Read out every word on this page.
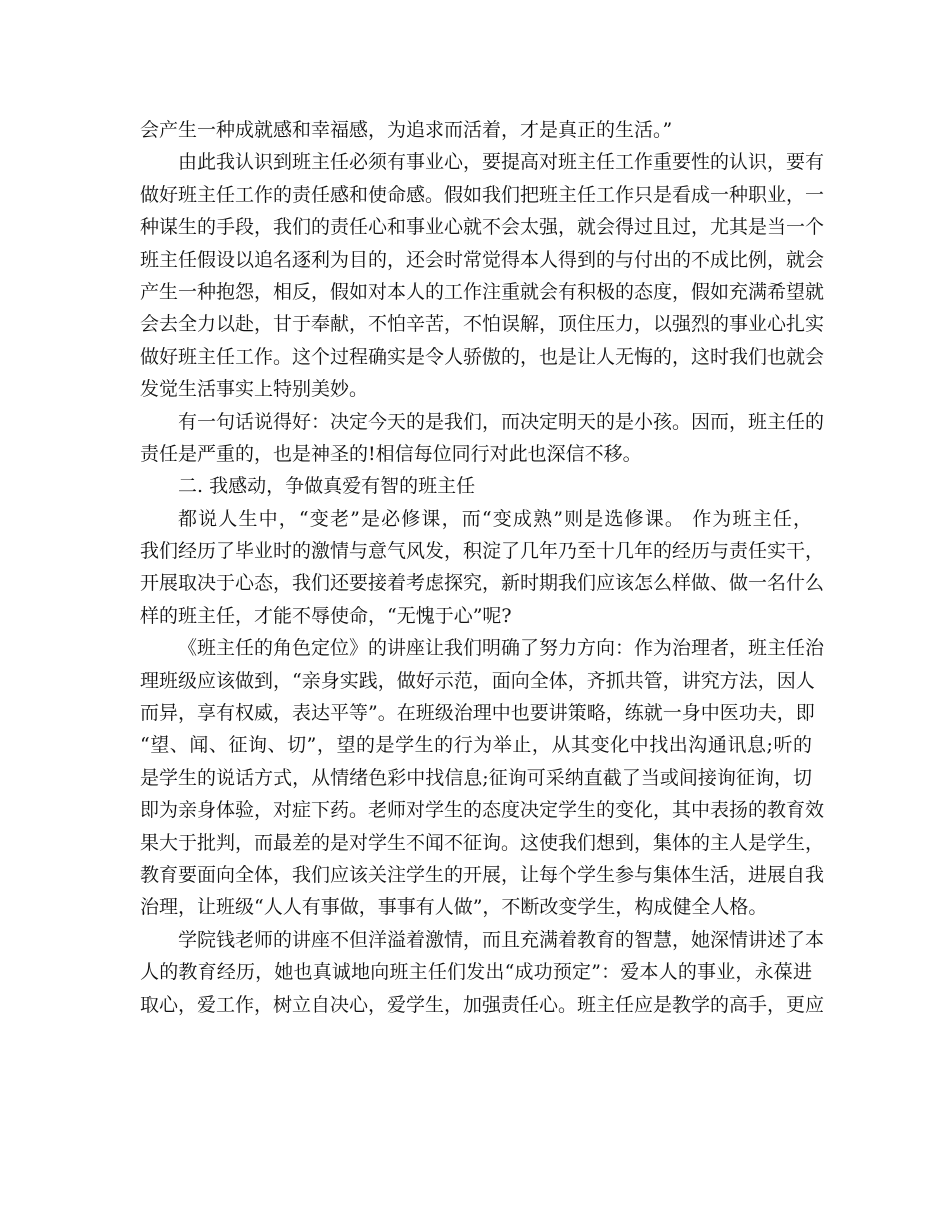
会产生一种成就感和幸福感，为追求而活着，才是真正的生活。”
由此我认识到班主任必须有事业心，要提高对班主任工作重要性的认识，要有
做好班主任工作的责任感和使命感。假如我们把班主任工作只是看成一种职业，一
种谋生的手段，我们的责任心和事业心就不会太强，就会得过且过，尤其是当一个
班主任假设以追名逐利为目的，还会时常觉得本人得到的与付出的不成比例，就会
产生一种抱怨，相反，假如对本人的工作注重就会有积极的态度，假如充满希望就
会去全力以赴，甘于奉献，不怕辛苦，不怕误解，顶住压力，以强烈的事业心扎实
做好班主任工作。这个过程确实是令人骄傲的，也是让人无悔的，这时我们也就会
发觉生活事实上特别美妙。
有一句话说得好：决定今天的是我们，而决定明天的是小孩。因而，班主任的
责任是严重的，也是神圣的!相信每位同行对此也深信不移。
二. 我感动，争做真爱有智的班主任
都说人生中，“变老”是必修课，而“变成熟”则是选修课。 作为班主任，
我们经历了毕业时的激情与意气风发，积淀了几年乃至十几年的经历与责任实干，
开展取决于心态，我们还要接着考虑探究，新时期我们应该怎么样做、做一名什么
样的班主任，才能不辱使命，“无愧于心”呢?
《班主任的角色定位》的讲座让我们明确了努力方向：作为治理者，班主任治
理班级应该做到，“亲身实践，做好示范，面向全体，齐抓共管，讲究方法，因人
而异，享有权威，表达平等”。在班级治理中也要讲策略，练就一身中医功夫，即
“望、闻、征询、切”，望的是学生的行为举止，从其变化中找出沟通讯息;听的
是学生的说话方式，从情绪色彩中找信息;征询可采纳直截了当或间接询征询，切
即为亲身体验，对症下药。老师对学生的态度决定学生的变化，其中表扬的教育效
果大于批判，而最差的是对学生不闻不征询。这使我们想到，集体的主人是学生，
教育要面向全体，我们应该关注学生的开展，让每个学生参与集体生活，进展自我
治理，让班级“人人有事做，事事有人做”，不断改变学生，构成健全人格。
学院钱老师的讲座不但洋溢着激情，而且充满着教育的智慧，她深情讲述了本
人的教育经历，她也真诚地向班主任们发出“成功预定”：爱本人的事业，永葆进
取心，爱工作，树立自决心，爱学生，加强责任心。班主任应是教学的高手，更应
